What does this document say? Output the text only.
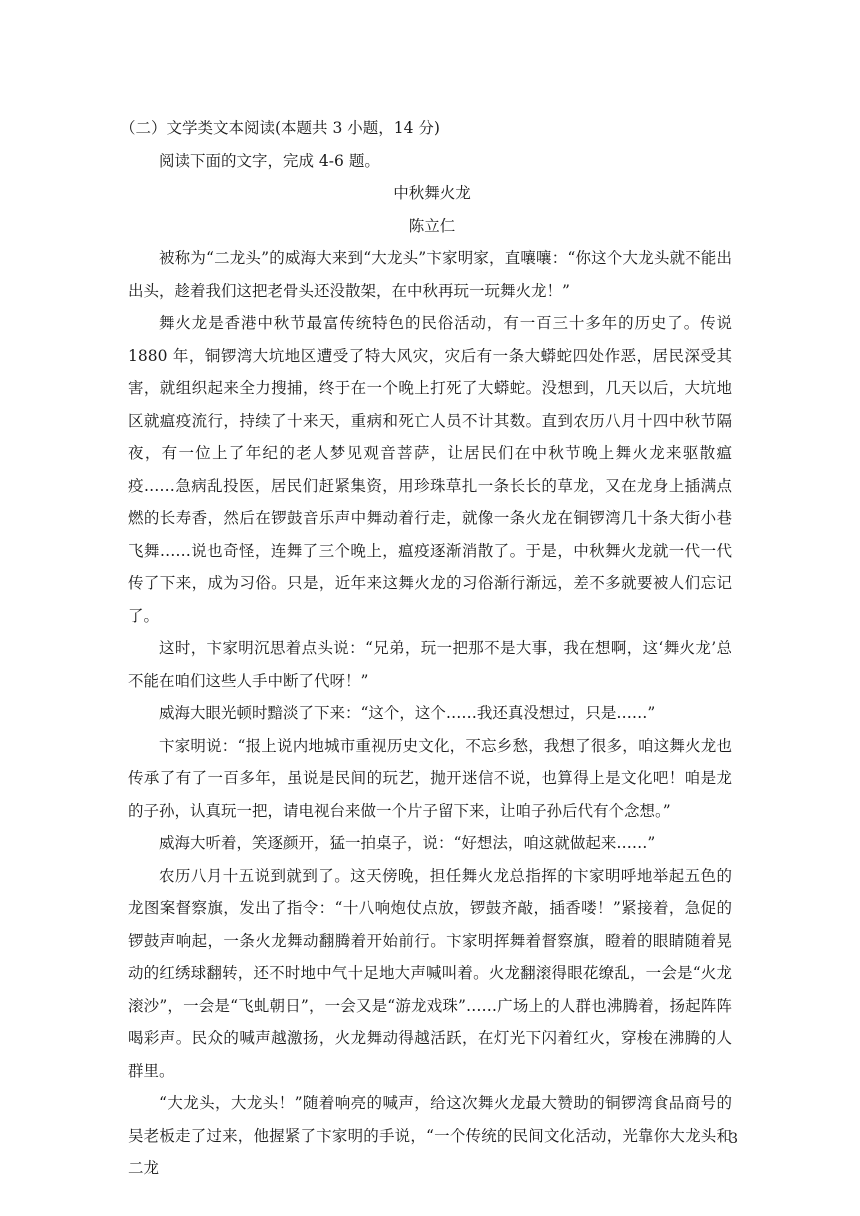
（二）文学类文本阅读(本题共 3 小题，14 分)

阅读下面的文字，完成 4-6 题。

中秋舞火龙

陈立仁

被称为“二龙头”的威海大来到“大龙头”卞家明家，直嚷嚷：“你这个大龙头就不能出出头，趁着我们这把老骨头还没散架，在中秋再玩一玩舞火龙！”

舞火龙是香港中秋节最富传统特色的民俗活动，有一百三十多年的历史了。传说 1880 年，铜锣湾大坑地区遭受了特大风灾，灾后有一条大蟒蛇四处作恶，居民深受其害，就组织起来全力搜捕，终于在一个晚上打死了大蟒蛇。没想到，几天以后，大坑地区就瘟疫流行，持续了十来天，重病和死亡人员不计其数。直到农历八月十四中秋节隔夜，有一位上了年纪的老人梦见观音菩萨，让居民们在中秋节晚上舞火龙来驱散瘟疫……急病乱投医，居民们赶紧集资，用珍珠草扎一条长长的草龙，又在龙身上插满点燃的长寿香，然后在锣鼓音乐声中舞动着行走，就像一条火龙在铜锣湾几十条大街小巷飞舞……说也奇怪，连舞了三个晚上，瘟疫逐渐消散了。于是，中秋舞火龙就一代一代传了下来，成为习俗。只是，近年来这舞火龙的习俗渐行渐远，差不多就要被人们忘记了。

这时，卞家明沉思着点头说：“兄弟，玩一把那不是大事，我在想啊，这‘舞火龙’总不能在咱们这些人手中断了代呀！”

威海大眼光顿时黯淡了下来：“这个，这个……我还真没想过，只是……”

卞家明说：“报上说内地城市重视历史文化，不忘乡愁，我想了很多，咱这舞火龙也传承了有了一百多年，虽说是民间的玩艺，抛开迷信不说，也算得上是文化吧！咱是龙的子孙，认真玩一把，请电视台来做一个片子留下来，让咱子孙后代有个念想。”

威海大听着，笑逐颜开，猛一拍桌子，说：“好想法，咱这就做起来……”

农历八月十五说到就到了。这天傍晚，担任舞火龙总指挥的卞家明呼地举起五色的龙图案督察旗，发出了指令：“十八响炮仗点放，锣鼓齐敲，插香喽！”紧接着，急促的锣鼓声响起，一条火龙舞动翻腾着开始前行。卞家明挥舞着督察旗，瞪着的眼睛随着晃动的红绣球翻转，还不时地中气十足地大声喊叫着。火龙翻滚得眼花缭乱，一会是“火龙滚沙”，一会是“飞虬朝日”，一会又是“游龙戏珠”……广场上的人群也沸腾着，扬起阵阵喝彩声。民众的喊声越激扬，火龙舞动得越活跃，在灯光下闪着红火，穿梭在沸腾的人群里。

“大龙头，大龙头！”随着响亮的喊声，给这次舞火龙最大赞助的铜锣湾食品商号的吴老板走了过来，他握紧了卞家明的手说，“一个传统的民间文化活动，光靠你大龙头和二龙

3
